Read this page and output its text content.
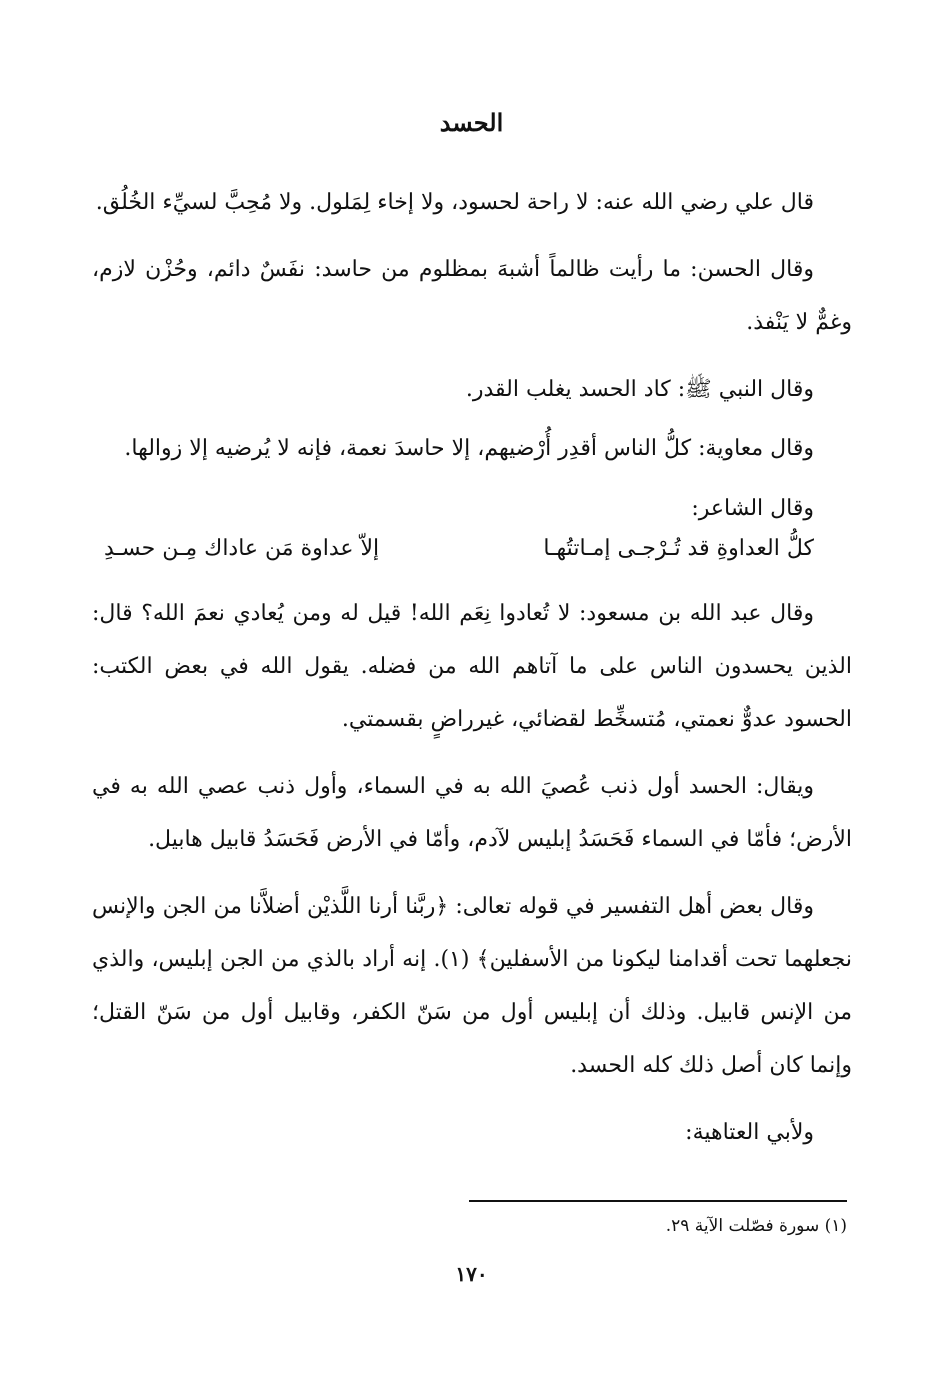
الحسد

قال علي رضي الله عنه: لا راحة لحسود، ولا إخاء لِمَلول. ولا مُحِبَّ لسيِّء الخُلُق.

وقال الحسن: ما رأيت ظالماً أشبهَ بمظلوم من حاسد: نفَسٌ دائم، وحُزْن لازم، وغمٌّ لا يَنْفذ.

وقال النبي ﷺ: كاد الحسد يغلب القدر.

وقال معاوية: كلُّ الناس أقدِر أُرْضيهم، إلا حاسدَ نعمة، فإنه لا يُرضيه إلا زوالها.

وقال الشاعر:

كلُّ العداوةِ قد تُـرْجـى إمـاتتُهـا
إلاّ عداوة مَن عاداك مِـن حسـدِ

وقال عبد الله بن مسعود: لا تُعادوا نِعَم الله! قيل له ومن يُعادي نعمَ الله؟ قال: الذين يحسدون الناس على ما آتاهم الله من فضله. يقول الله في بعض الكتب: الحسود عدوٌّ نعمتي، مُتسخِّط لقضائي، غيرراضٍ بقسمتي.

ويقال: الحسد أول ذنب عُصيَ الله به في السماء، وأول ذنب عصي الله به في الأرض؛ فأمّا في السماء فَحَسَدُ إبليس لآدم، وأمّا في الأرض فَحَسَدُ قابيل هابيل.

وقال بعض أهل التفسير في قوله تعالى: ﴿ربَّنا أرنا اللَّذيْن أضلاَّنا من الجن والإنس نجعلهما تحت أقدامنا ليكونا من الأسفلين﴾ (١). إنه أراد بالذي من الجن إبليس، والذي من الإنس قابيل. وذلك أن إبليس أول من سَنّ الكفر، وقابيل أول من سَنّ القتل؛ وإنما كان أصل ذلك كله الحسد.

ولأبي العتاهية:

(١) سورة فصّلت الآية ٢٩.
١٧٠
